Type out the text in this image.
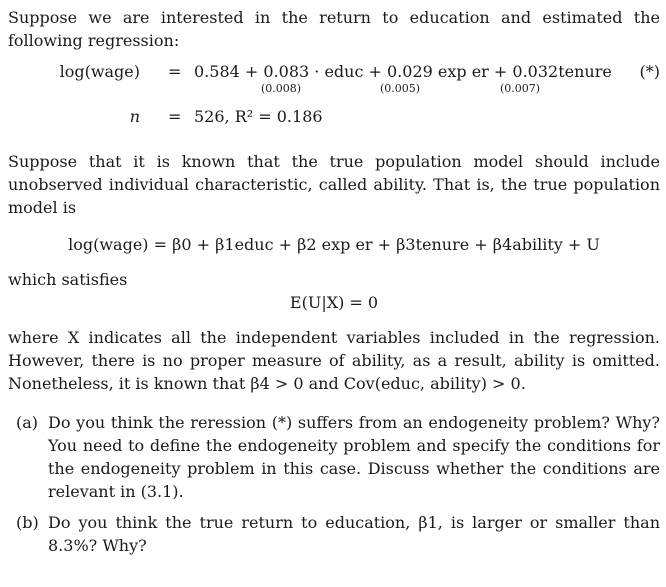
Suppose we are interested in the return to education and estimated the following regression:

log(wage) = 0.584 + 0.083 · educ + 0.029 exp er + 0.032tenure (*)
(0.008)	(0.005)	(0.007)
n = 526, R² = 0.186

Suppose that it is known that the true population model should include unobserved individual characteristic, called ability. That is, the true population model is

log(wage) = β0 + β1educ + β2 exp er + β3tenure + β4ability + U

which satisfies

E(U|X) = 0

where X indicates all the independent variables included in the regression. However, there is no proper measure of ability, as a result, ability is omitted. Nonetheless, it is known that β4 > 0 and Cov(educ, ability) > 0.

(a) Do you think the reression (*) suffers from an endogeneity problem? Why? You need to define the endogeneity problem and specify the conditions for the endogeneity problem in this case. Discuss whether the conditions are relevant in (3.1).
(b) Do you think the true return to education, β1, is larger or smaller than 8.3%? Why?
